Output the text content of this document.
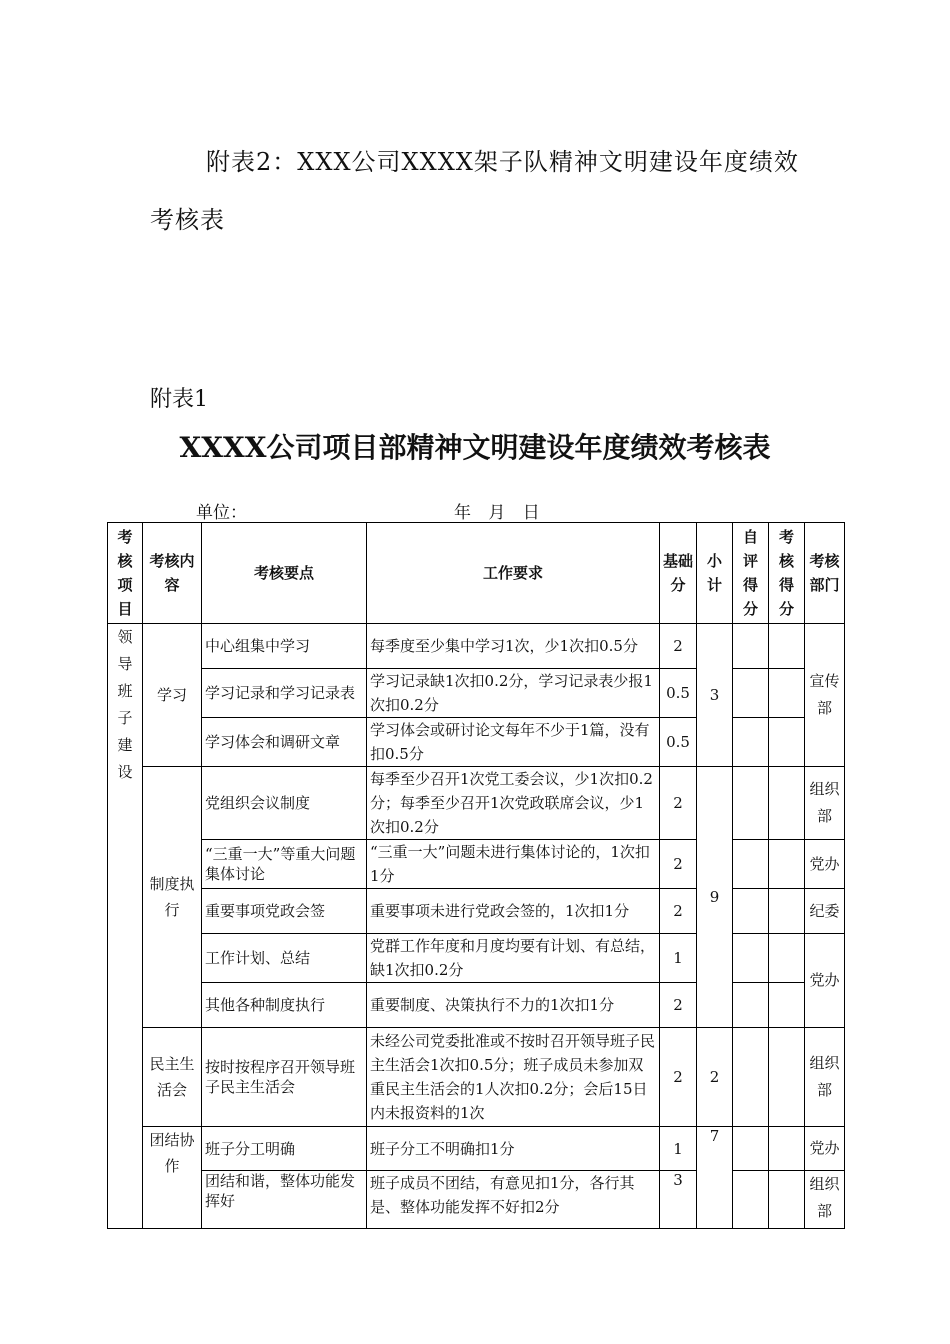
附表2：XXX公司XXXX架子队精神文明建设年度绩效考核表
附表1
XXXX公司项目部精神文明建设年度绩效考核表
单位：	年 月 日
考核项目	考核内容	考核要点	工作要求	基础分	小计	自评得分	考核得分	考核部门
领导班子建设	学习	中心组集中学习	每季度至少集中学习1次，少1次扣0.5分	2	3			宣传部
		学习记录和学习记录表	学习记录缺1次扣0.2分，学习记录表少报1次扣0.2分	0.5				
		学习体会和调研文章	学习体会或研讨论文每年不少于1篇，没有扣0.5分	0.5				
	制度执行	党组织会议制度	每季至少召开1次党工委会议，少1次扣0.2分；每季至少召开1次党政联席会议，少1次扣0.2分	2	9			组织部
		“三重一大”等重大问题集体讨论	“三重一大”问题未进行集体讨论的，1次扣1分	2				党办
		重要事项党政会签	重要事项未进行党政会签的，1次扣1分	2				纪委
		工作计划、总结	党群工作年度和月度均要有计划、有总结，缺1次扣0.2分	1				党办
		其他各种制度执行	重要制度、决策执行不力的1次扣1分	2				
	民主生活会	按时按程序召开领导班子民主生活会	未经公司党委批准或不按时召开领导班子民主生活会1次扣0.5分；班子成员未参加双重民主生活会的1人次扣0.2分；会后15日内未报资料的1次	2	2			组织部
	团结协作	班子分工明确	班子分工不明确扣1分	1	7			党办
		团结和谐，整体功能发挥好	班子成员不团结，有意见扣1分，各行其是、整体功能发挥不好扣2分	3				组织部
